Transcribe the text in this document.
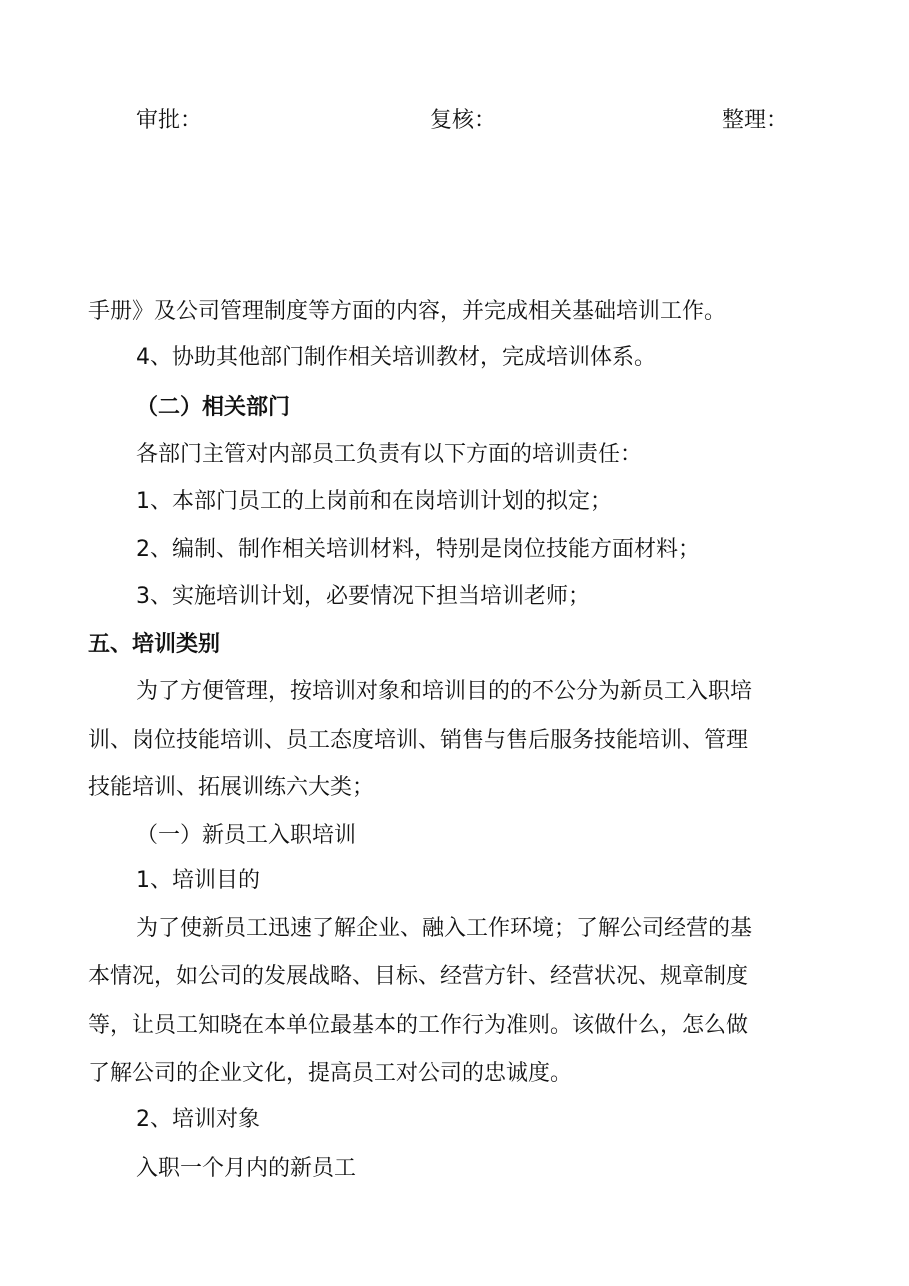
审批：	复核：	整理：
手册》及公司管理制度等方面的内容，并完成相关基础培训工作。
4、协助其他部门制作相关培训教材，完成培训体系。
（二）相关部门
各部门主管对内部员工负责有以下方面的培训责任：
1、本部门员工的上岗前和在岗培训计划的拟定；
2、编制、制作相关培训材料，特别是岗位技能方面材料；
3、实施培训计划，必要情况下担当培训老师；
五、培训类别
为了方便管理，按培训对象和培训目的的不公分为新员工入职培
训、岗位技能培训、员工态度培训、销售与售后服务技能培训、管理
技能培训、拓展训练六大类；
（一）新员工入职培训
1、培训目的
为了使新员工迅速了解企业、融入工作环境；了解公司经营的基
本情况，如公司的发展战略、目标、经营方针、经营状况、规章制度
等，让员工知晓在本单位最基本的工作行为准则。该做什么，怎么做
了解公司的企业文化，提高员工对公司的忠诚度。
2、培训对象
入职一个月内的新员工
